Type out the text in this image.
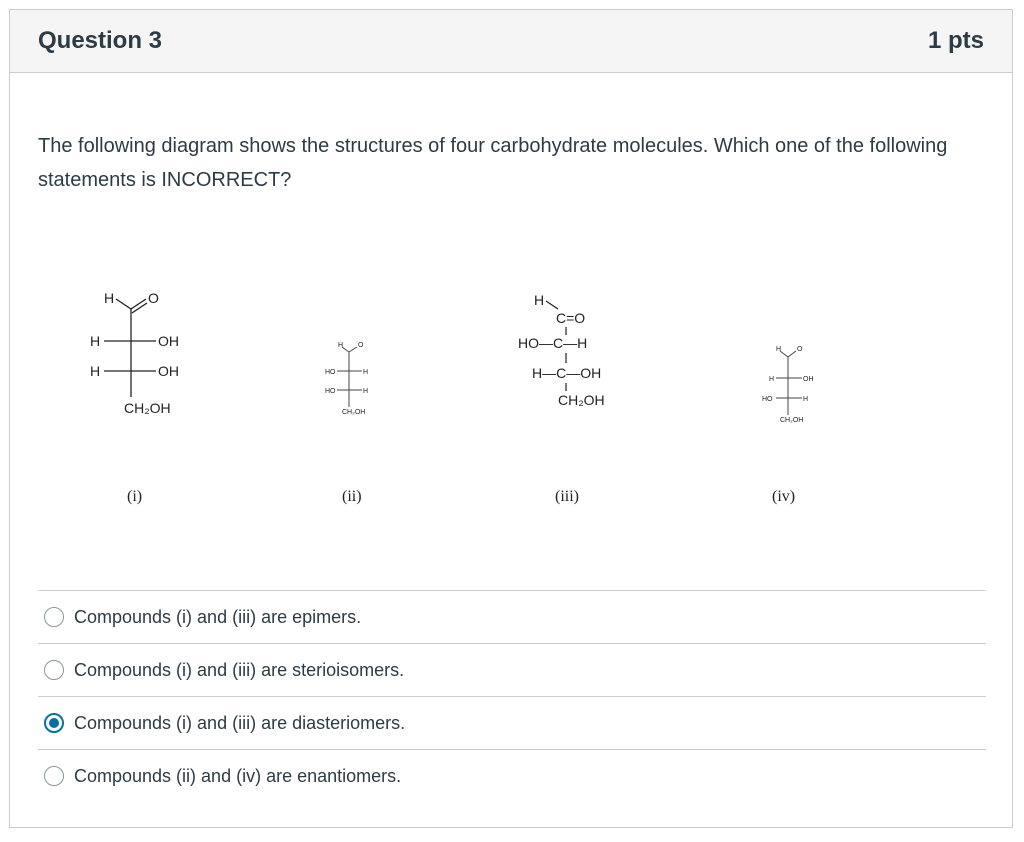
Question 3	1 pts
The following diagram shows the structures of four carbohydrate molecules. Which one of the following statements is INCORRECT?
H O
H	OH
H	OH
CH₂OH
H O
HO	H
HO	H
CH₂OH
H
C=O
HO—C—H
H—C—OH
CH₂OH
H O
H	OH
HO	H
CH₂OH
(i)	(ii)	(iii)	(iv)
Compounds (i) and (iii) are epimers.
Compounds (i) and (iii) are sterioisomers.
Compounds (i) and (iii) are diasteriomers.
Compounds (ii) and (iv) are enantiomers.
